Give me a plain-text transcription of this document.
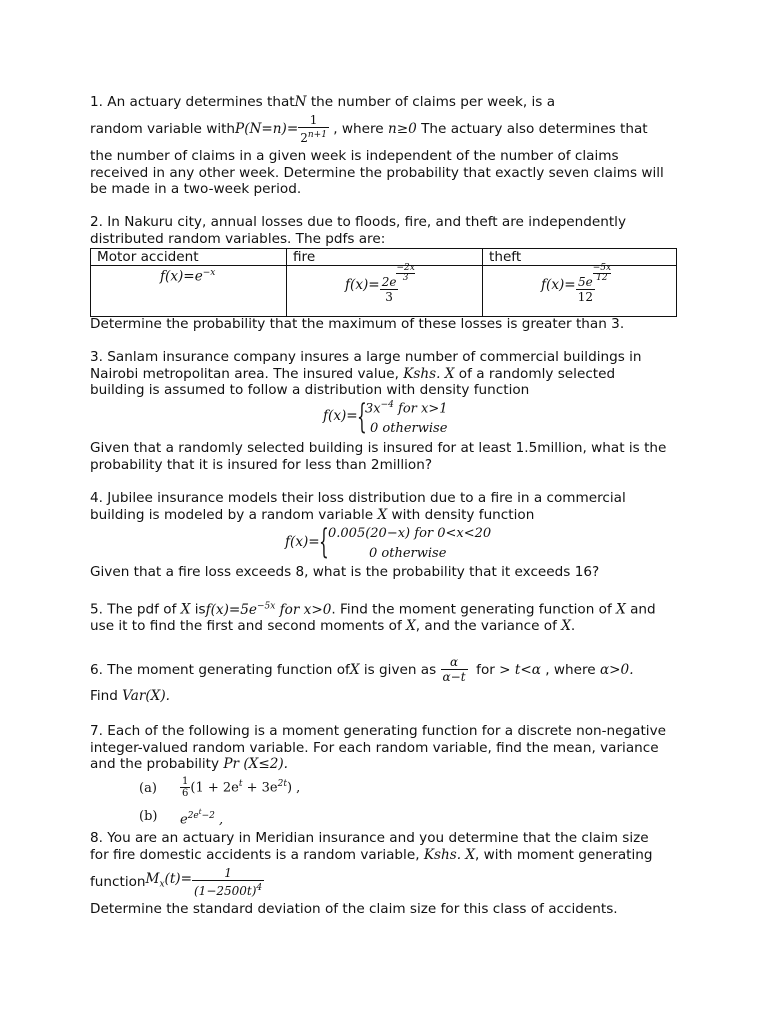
1. An actuary determines thatN the number of claims per week, is a
random variable with $P(N=n)= \frac{1}{2^{n+1}}$ , where n≥0 The actuary also determines that
the number of claims in a given week is independent of the number of claims
received in any other week. Determine the probability that exactly seven claims will
be made in a two-week period.
2. In Nakuru city, annual losses due to floods, fire, and theft are independently
distributed random variables. The pdfs are:
Motor accident	fire	theft

$f(x)=e^{-x}$	$f(x)= \frac{2e \frac{-2x}{3}}{3}$	$f(x)= \frac{5e \frac{-5x}{12}}{12}$
Determine the probability that the maximum of these losses is greater than 3.
3. Sanlam insurance company insures a large number of commercial buildings in
Nairobi metropolitan area. The insured value, Kshs. X of a randomly selected
building is assumed to follow a distribution with density function
f(x)= {
$3x^{-4}$ for x>1
0 otherwise
Given that a randomly selected building is insured for at least 1.5million, what is the
probability that it is insured for less than 2million?
4. Jubilee insurance models their loss distribution due to a fire in a commercial
building is modeled by a random variable X with density function
f(x)= { 0.005(20−x) for 0<x<20
0 otherwise
Given that a fire loss exceeds 8, what is the probability that it exceeds 16?
5. The pdf of X $isf(x)=5e^{-5x}$ for x>0. Find the moment generating function of X and
use it to find the first and second moments of X, and the variance of X.
6. The moment generating function of X is given as $\frac{\alpha}{\alpha-t}$ for > t<α , where α>0.
Find Var(X).
7. Each of the following is a moment generating function for a discrete non-negative
integer-valued random variable. For each random variable, find the mean, variance
and the probability Pr (X≤2).
$(a) \frac{1}{6} (1 + 2e^t + 3e^{2t})$ ,
(b) $e^{2e^t-2}$ ,
8. You are an actuary in Meridian insurance and you determine that the claim size
for fire domestic accidents is a random variable, Kshs. X, with moment generating
function $M_x(t)= \frac{1}{(1-2500t)^4}$
Determine the standard deviation of the claim size for this class of accidents.
